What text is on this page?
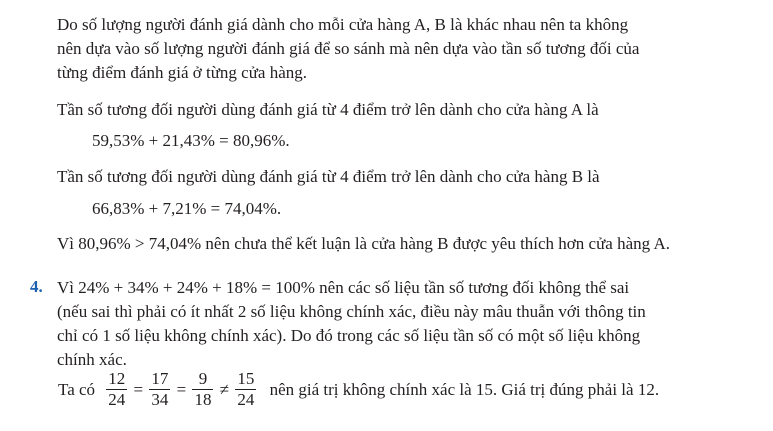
Do số lượng người đánh giá dành cho mỗi cửa hàng A, B là khác nhau nên ta không
nên dựa vào số lượng người đánh giá để so sánh mà nên dựa vào tần số tương đối của
từng điểm đánh giá ở từng cửa hàng.
Tần số tương đối người dùng đánh giá từ 4 điểm trở lên dành cho cửa hàng A là
59,53% + 21,43% = 80,96%.
Tần số tương đối người dùng đánh giá từ 4 điểm trở lên dành cho cửa hàng B là
66,83% + 7,21% = 74,04%.
Vì 80,96% > 74,04% nên chưa thể kết luận là cửa hàng B được yêu thích hơn cửa hàng A.
4. Vì 24% + 34% + 24% + 18% = 100% nên các số liệu tần số tương đối không thể sai
(nếu sai thì phải có ít nhất 2 số liệu không chính xác, điều này mâu thuẫn với thông tin
chỉ có 1 số liệu không chính xác). Do đó trong các số liệu tần số có một số liệu không
chính xác.
Ta có $\frac{12}{24} = \frac{17}{34} = \frac{9}{18} \ne \frac{15}{24}$ nên giá trị không chính xác là 15. Giá trị đúng phải là 12.
